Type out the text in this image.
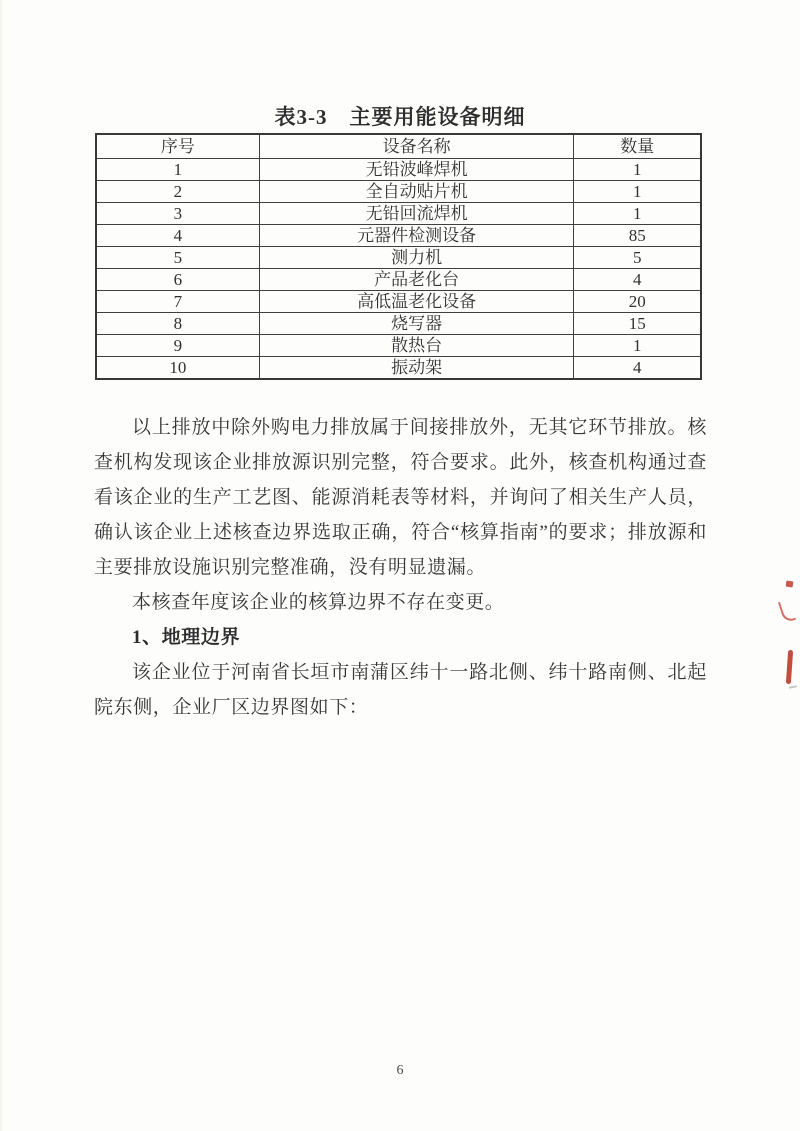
表3-3　主要用能设备明细
序号	设备名称	数量
1	无铅波峰焊机	1
2	全自动贴片机	1
3	无铅回流焊机	1
4	元器件检测设备	85
5	测力机	5
6	产品老化台	4
7	高低温老化设备	20
8	烧写器	15
9	散热台	1
10	振动架	4

以上排放中除外购电力排放属于间接排放外，无其它环节排放。核查机构发现该企业排放源识别完整，符合要求。此外，核查机构通过查看该企业的生产工艺图、能源消耗表等材料，并询问了相关生产人员，确认该企业上述核查边界选取正确，符合“核算指南”的要求；排放源和主要排放设施识别完整准确，没有明显遗漏。

本核查年度该企业的核算边界不存在变更。

1、地理边界

该企业位于河南省长垣市南蒲区纬十一路北侧、纬十路南侧、北起院东侧，企业厂区边界图如下：

6
